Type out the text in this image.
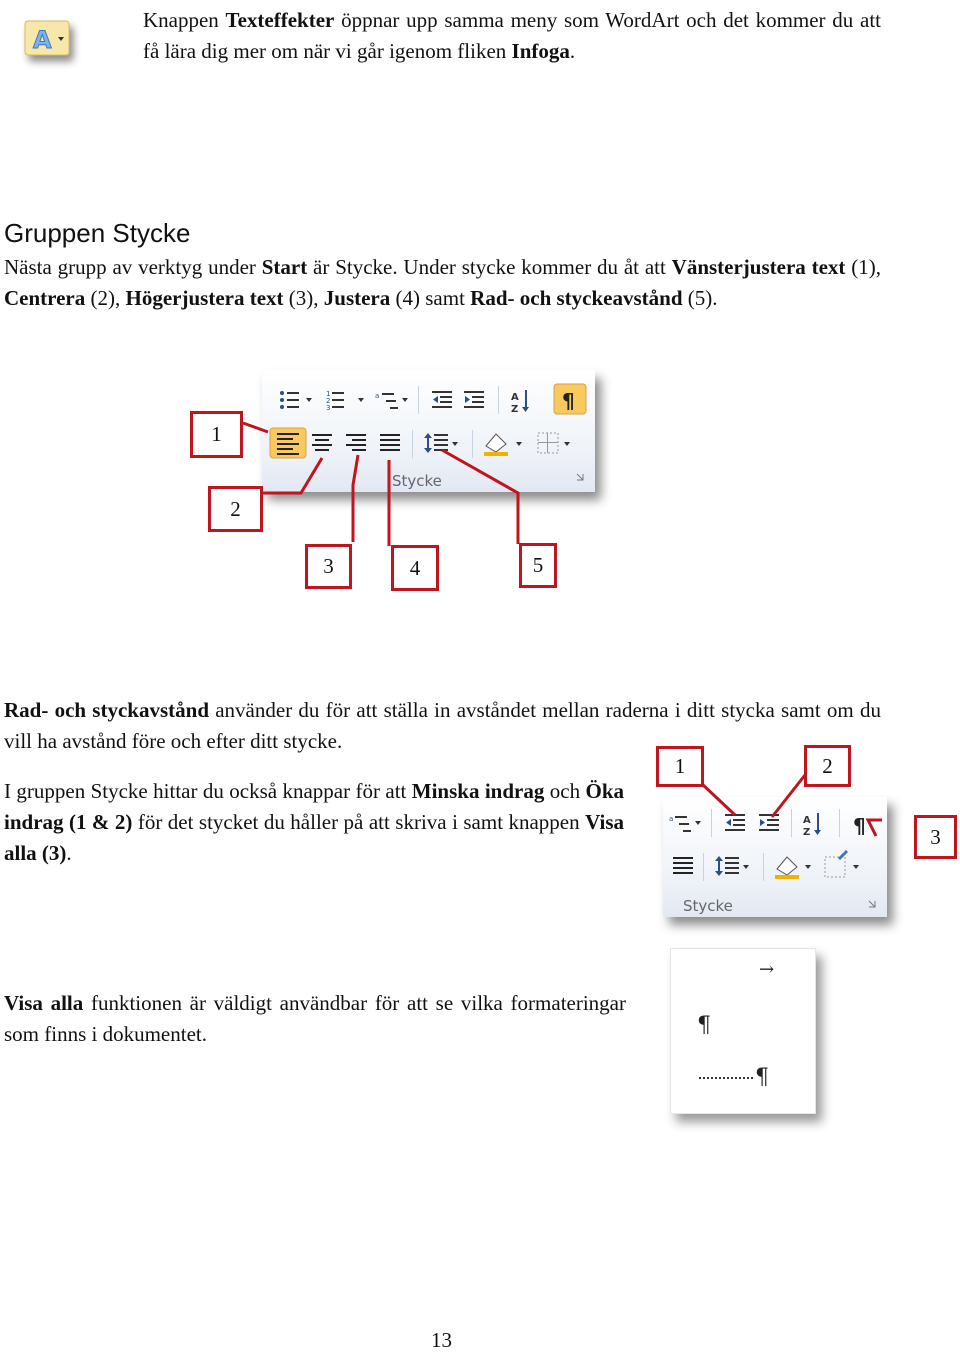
A

Knappen Texteffekter öppnar upp samma meny som WordArt och det kommer du att få lära dig mer om när vi går igenom fliken Infoga.

Gruppen Stycke

Nästa grupp av verktyg under Start är Stycke. Under stycke kommer du åt att Vänsterjustera text (1), Centrera (2), Högerjustera text (3), Justera (4) samt Rad- och styckeavstånd (5).

1
2
3
a	A
Z ¶
Stycke
1
2
3	4	5

Rad- och styckavstånd använder du för att ställa in avståndet mellan raderna i ditt stycka samt om du vill ha avstånd före och efter ditt stycke.

I gruppen Stycke hittar du också knappar för att Minska indrag och Öka indrag (1 & 2) för det stycket du håller på att skriva i samt knappen Visa alla (3).

a	A
Z ¶
Stycke
1	2
3

Visa alla funktionen är väldigt användbar för att se vilka formateringar som finns i dokumentet.

→
¶
¶
13
